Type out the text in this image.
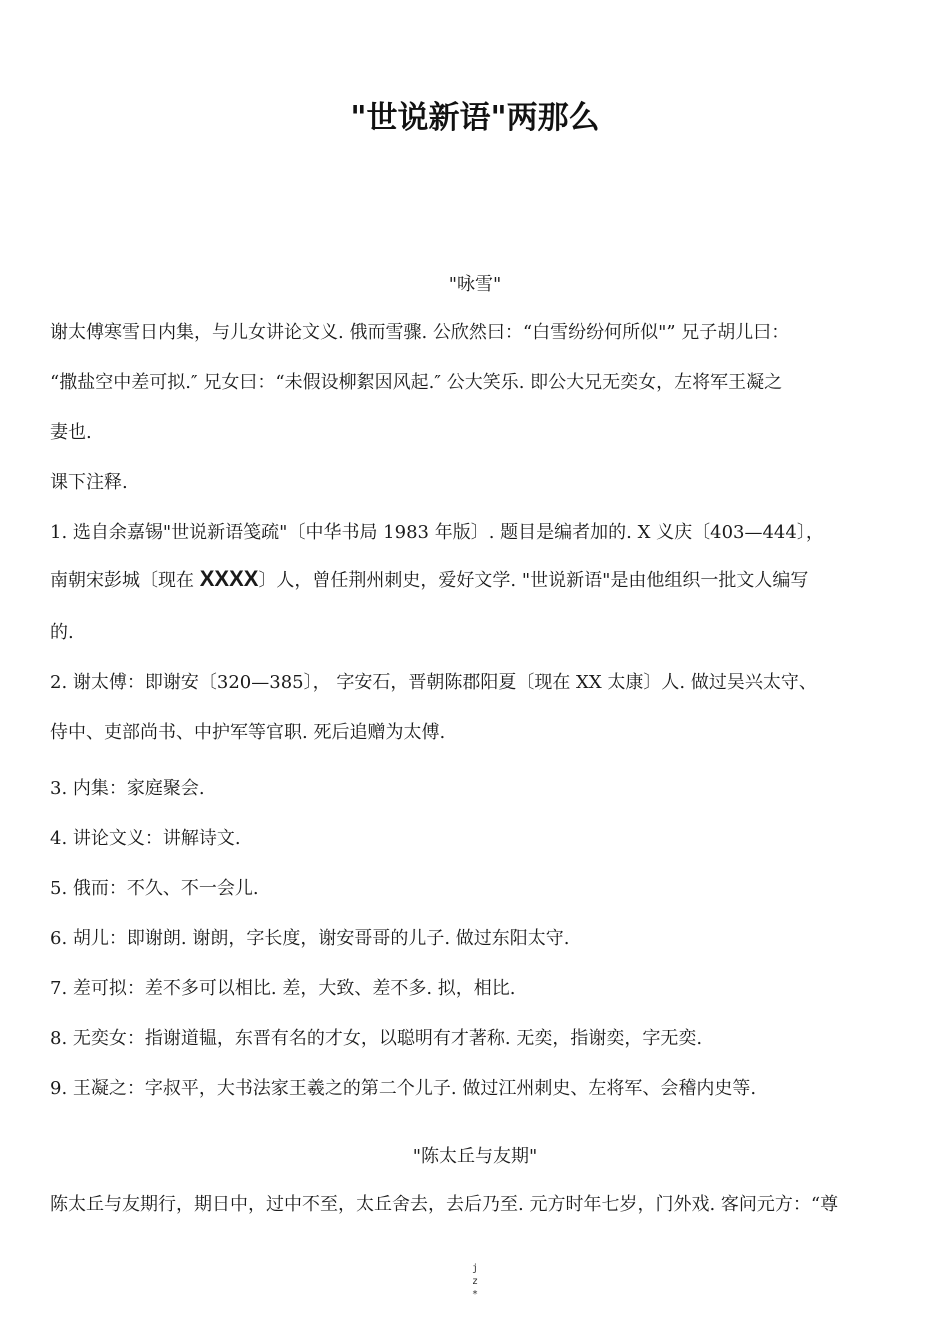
"世说新语"两那么
"咏雪"
谢太傅寒雪日内集，与儿女讲论文义. 俄而雪骤. 公欣然曰：“白雪纷纷何所似"” 兄子胡儿曰：
“撒盐空中差可拟.″ 兄女曰：“未假设柳絮因风起.″ 公大笑乐. 即公大兄无奕女，左将军王凝之
妻也.
课下注释.
1. 选自余嘉锡"世说新语笺疏"〔中华书局 1983 年版〕. 题目是编者加的. X 义庆〔403—444〕，
南朝宋彭城〔现在 XXXX〕人，曾任荆州刺史，爱好文学. "世说新语"是由他组织一批文人编写
的.
2. 谢太傅：即谢安〔320—385〕， 字安石，晋朝陈郡阳夏〔现在 XX 太康〕人. 做过吴兴太守、
侍中、吏部尚书、中护军等官职. 死后追赠为太傅.
3. 内集：家庭聚会.
4. 讲论文义：讲解诗文.
5. 俄而：不久、不一会儿.
6. 胡儿：即谢朗. 谢朗，字长度，谢安哥哥的儿子. 做过东阳太守.
7. 差可拟：差不多可以相比. 差，大致、差不多. 拟，相比.
8. 无奕女：指谢道韫，东晋有名的才女，以聪明有才著称. 无奕，指谢奕，字无奕.
9. 王凝之：字叔平，大书法家王羲之的第二个儿子. 做过江州刺史、左将军、会稽内史等.
"陈太丘与友期"
陈太丘与友期行，期日中，过中不至，太丘舍去，去后乃至. 元方时年七岁，门外戏. 客问元方：“尊
j
z
*
